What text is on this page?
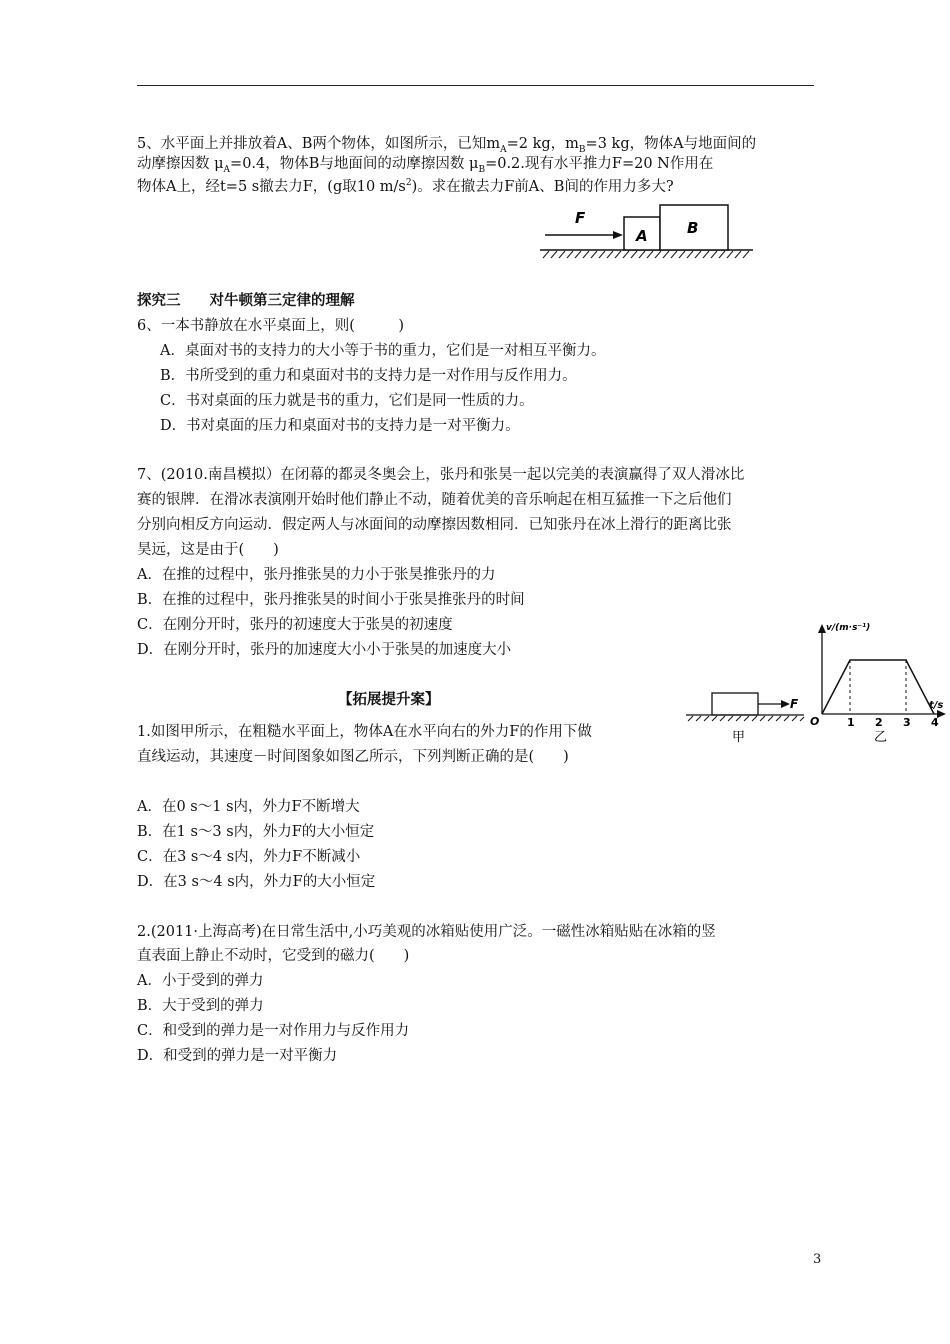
5、水平面上并排放着A、B两个物体，如图所示，已知$m_A=2$ kg，$m_B=3$ kg，物体A与地面间的
动摩擦因数 $\mu_A=0.4$，物体B与地面间的动摩擦因数 $\mu_B=0.2$.现有水平推力F=20 N作用在
物体A上，经t=5 s撤去力F，(g取10 $m/s^2$)。求在撤去力F前A、B间的作用力多大?
F
A	B
探究三　　对牛顿第三定律的理解
6、一本书静放在水平桌面上，则(　　　)
A．桌面对书的支持力的大小等于书的重力，它们是一对相互平衡力。
B．书所受到的重力和桌面对书的支持力是一对作用与反作用力。
C．书对桌面的压力就是书的重力，它们是同一性质的力。
D．书对桌面的压力和桌面对书的支持力是一对平衡力。
7、(2010.南昌模拟）在闭幕的都灵冬奥会上，张丹和张昊一起以完美的表演赢得了双人滑冰比
赛的银牌．在滑冰表演刚开始时他们静止不动，随着优美的音乐响起在相互猛推一下之后他们
分别向相反方向运动．假定两人与冰面间的动摩擦因数相同．已知张丹在冰上滑行的距离比张
昊远，这是由于(　　)
A．在推的过程中，张丹推张昊的力小于张昊推张丹的力
B．在推的过程中，张丹推张昊的时间小于张昊推张丹的时间
C．在刚分开时，张丹的初速度大于张昊的初速度
D．在刚分开时，张丹的加速度大小小于张昊的加速度大小
【拓展提升案】	F
甲
v/(m·s⁻¹)
t/s
O
乙
1 2 3 4
1.如图甲所示，在粗糙水平面上，物体A在水平向右的外力F的作用下做
直线运动，其速度－时间图象如图乙所示，下列判断正确的是(　　)
A．在0 s～1 s内，外力F不断增大
B．在1 s～3 s内，外力F的大小恒定
C．在3 s～4 s内，外力F不断减小
D．在3 s～4 s内，外力F的大小恒定
2.(2011·上海高考)在日常生活中,小巧美观的冰箱贴使用广泛。一磁性冰箱贴贴在冰箱的竖
直表面上静止不动时，它受到的磁力(　　)
A．小于受到的弹力
B．大于受到的弹力
C．和受到的弹力是一对作用力与反作用力
D．和受到的弹力是一对平衡力
3
